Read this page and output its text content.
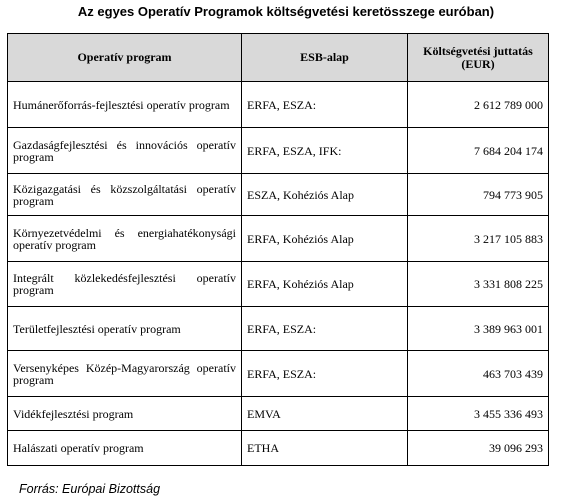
Az egyes Operatív Programok költségvetési keretösszege euróban)
Operatív program	ESB-alap	Költségvetési juttatás (EUR)
Humánerőforrás-fejlesztési operatív program	ERFA, ESZA:	2 612 789 000
Gazdaságfejlesztési és innovációs operatív program	ERFA, ESZA, IFK:	7 684 204 174
Közigazgatási és közszolgáltatási operatív program	ESZA, Kohéziós Alap	794 773 905
Környezetvédelmi és energiahatékonysági operatív program	ERFA, Kohéziós Alap	3 217 105 883
Integrált közlekedésfejlesztési operatív program	ERFA, Kohéziós Alap	3 331 808 225
Területfejlesztési operatív program	ERFA, ESZA:	3 389 963 001
Versenyképes Közép-Magyarország operatív program	ERFA, ESZA:	463 703 439
Vidékfejlesztési program	EMVA	3 455 336 493
Halászati operatív program	ETHA	39 096 293
Forrás: Európai Bizottság
